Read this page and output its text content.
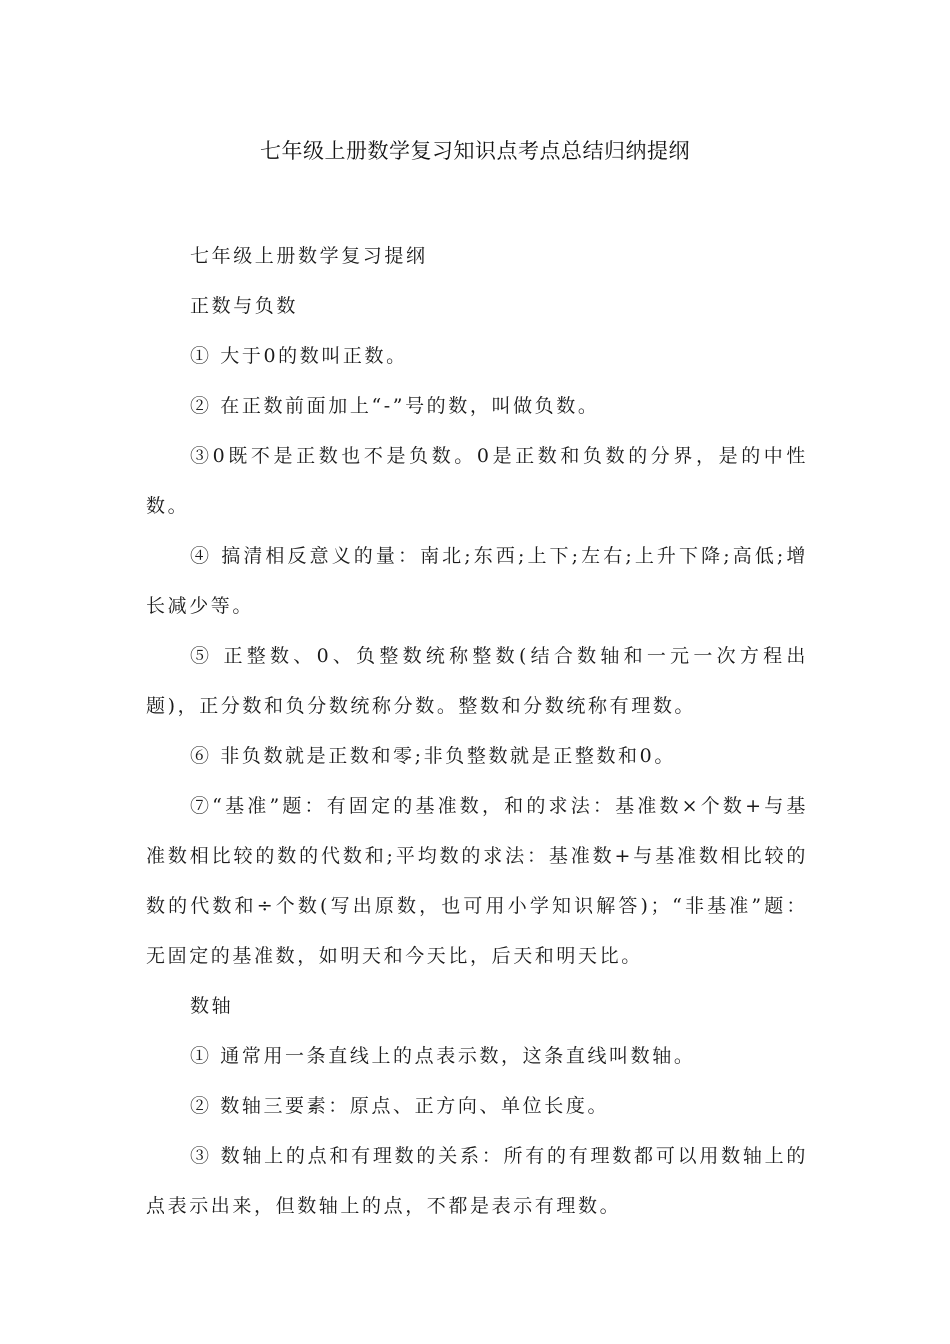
七年级上册数学复习知识点考点总结归纳提纲

七年级上册数学复习提纲

正数与负数

① 大于0的数叫正数。

② 在正数前面加上“-”号的数，叫做负数。

③0既不是正数也不是负数。0是正数和负数的分界，是的中性数。

④ 搞清相反意义的量：南北;东西;上下;左右;上升下降;高低;增长减少等。

⑤ 正整数、0、负整数统称整数(结合数轴和一元一次方程出题)，正分数和负分数统称分数。整数和分数统称有理数。

⑥ 非负数就是正数和零;非负整数就是正整数和0。

⑦“基准”题：有固定的基准数，和的求法：基准数×个数+与基准数相比较的数的代数和;平均数的求法：基准数+与基准数相比较的数的代数和÷个数(写出原数，也可用小学知识解答)；“非基准”题：无固定的基准数，如明天和今天比，后天和明天比。

数轴

① 通常用一条直线上的点表示数，这条直线叫数轴。

② 数轴三要素：原点、正方向、单位长度。

③ 数轴上的点和有理数的关系：所有的有理数都可以用数轴上的点表示出来，但数轴上的点，不都是表示有理数。
